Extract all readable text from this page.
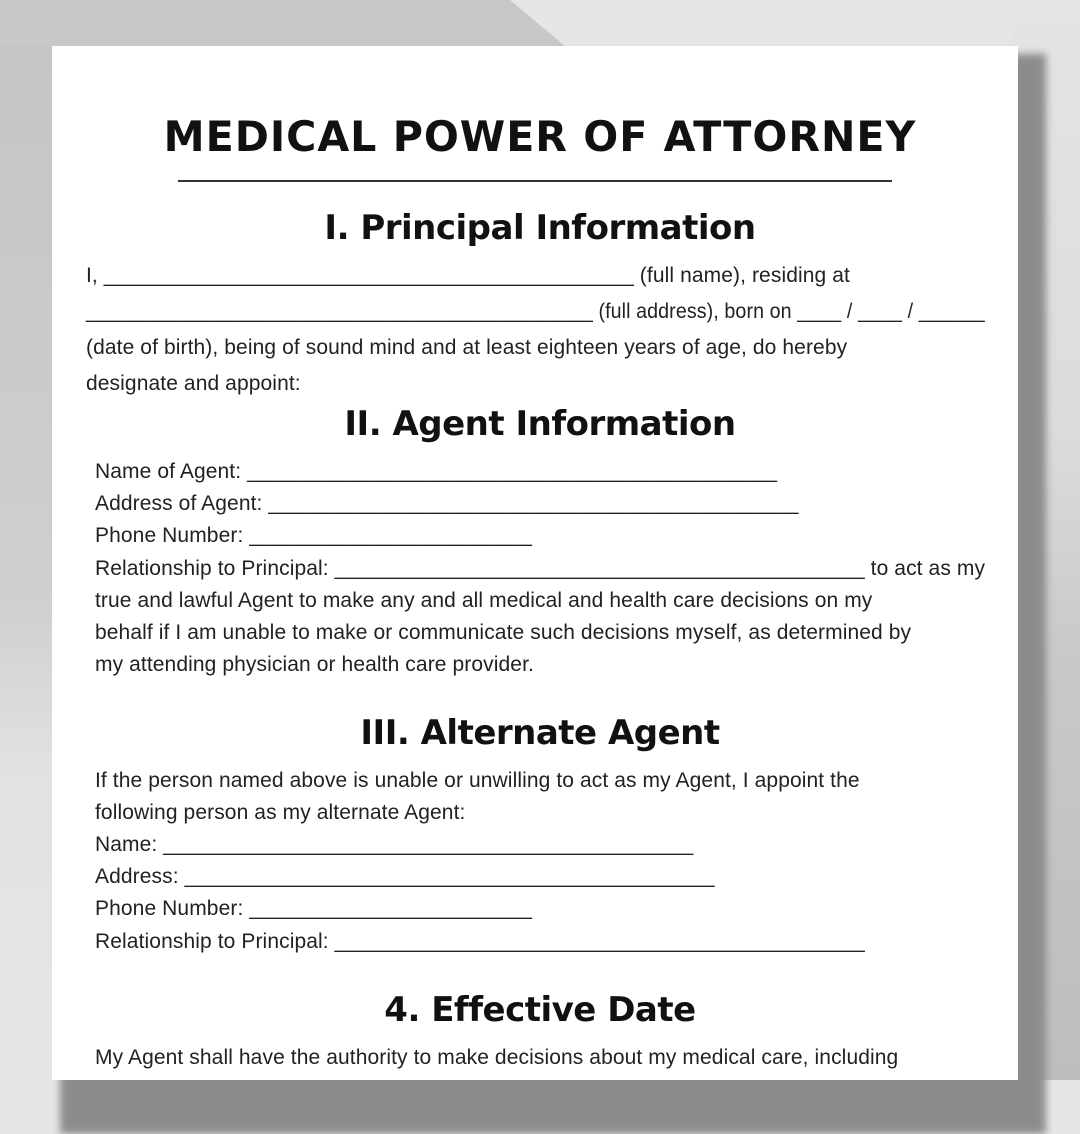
MEDICAL POWER OF ATTORNEY
I. Principal Information
I, _____________________________________________ (full name), residing at
______________________________________________ (full address), born on ____ / ____ / ______
(date of birth), being of sound mind and at least eighteen years of age, do hereby
designate and appoint:
II. Agent Information
Name of Agent: _____________________________________________
Address of Agent: _____________________________________________
Phone Number: ________________________
Relationship to Principal: _____________________________________________ to act as my
true and lawful Agent to make any and all medical and health care decisions on my
behalf if I am unable to make or communicate such decisions myself, as determined by
my attending physician or health care provider.
III. Alternate Agent
If the person named above is unable or unwilling to act as my Agent, I appoint the
following person as my alternate Agent:
Name: _____________________________________________
Address: _____________________________________________
Phone Number: ________________________
Relationship to Principal: _____________________________________________
4. Effective Date
My Agent shall have the authority to make decisions about my medical care, including
